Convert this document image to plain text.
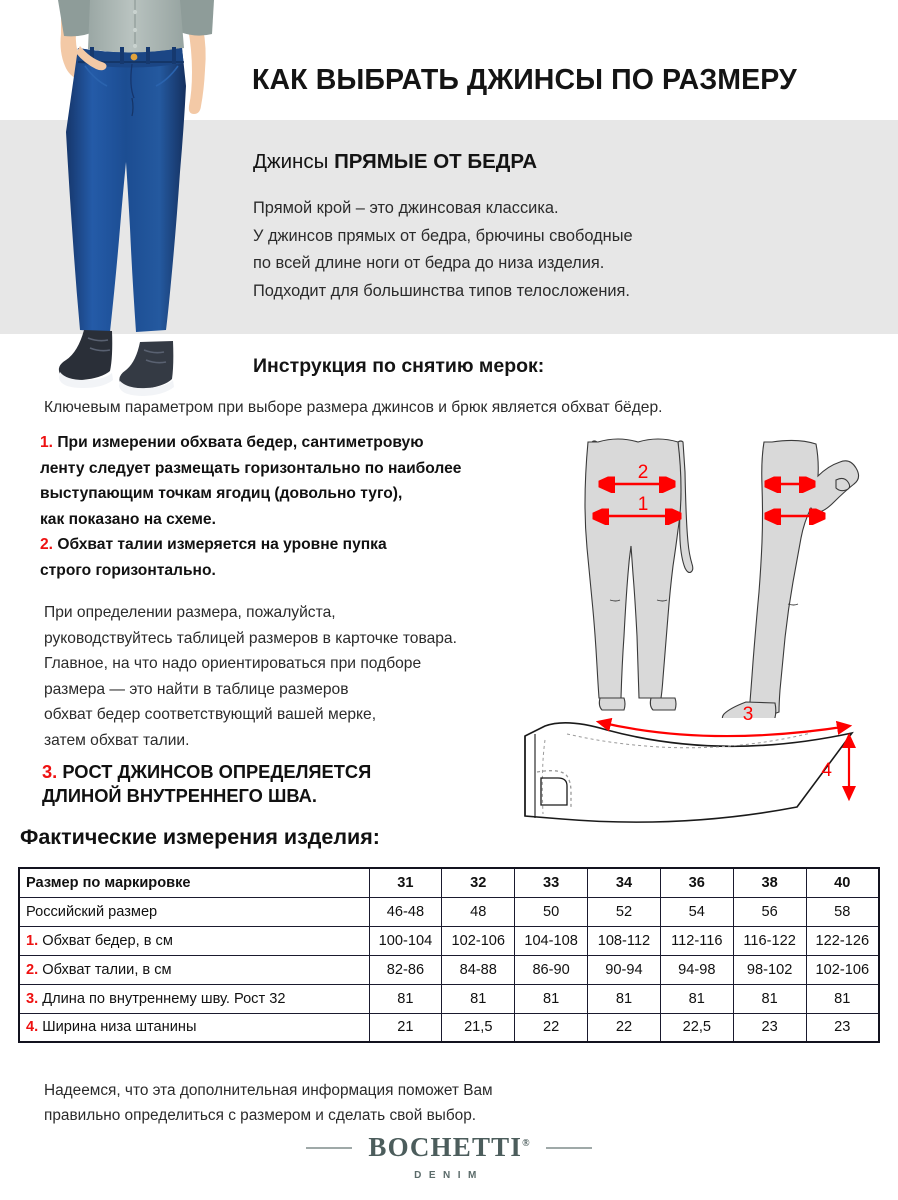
КАК ВЫБРАТЬ ДЖИНСЫ ПО РАЗМЕРУ
Джинсы ПРЯМЫЕ ОТ БЕДРА
Прямой крой – это джинсовая классика.
У джинсов прямых от бедра, брючины свободные
по всей длине ноги от бедра до низа изделия.
Подходит для большинства типов телосложения.
Инструкция по снятию мерок:
Ключевым параметром при выборе размера джинсов и брюк является обхват бёдер.
1. При измерении обхвата бедер, сантиметровую
ленту следует размещать горизонтально по наиболее
выступающим точкам ягодиц (довольно туго),
как показано на схеме.
2. Обхват талии измеряется на уровне пупка
строго горизонтально.
При определении размера, пожалуйста,
руководствуйтесь таблицей размеров в карточке товара.
Главное, на что надо ориентироваться при подборе
размера — это найти в таблице размеров
обхват бедер соответствующий вашей мерке,
затем обхват талии.
3. РОСТ ДЖИНСОВ ОПРЕДЕЛЯЕТСЯ
ДЛИНОЙ ВНУТРЕННЕГО ШВА.
2
1
3
4
Фактические измерения изделия:
Размер по маркировке	31	32	33	34	36	38	40
Российский размер	46-48	48	50	52	54	56	58
1. Обхват бедер, в см	100-104	102-106	104-108	108-112	112-116	116-122	122-126
2. Обхват талии, в см	82-86	84-88	86-90	90-94	94-98	98-102	102-106
3. Длина по внутреннему шву. Рост 32	81	81	81	81	81	81	81
4. Ширина низа штанины	21	21,5	22	22	22,5	23	23
Надеемся, что эта дополнительная информация поможет Вам
правильно определиться с размером и сделать свой выбор.
BOCHETTI®
DENIM
